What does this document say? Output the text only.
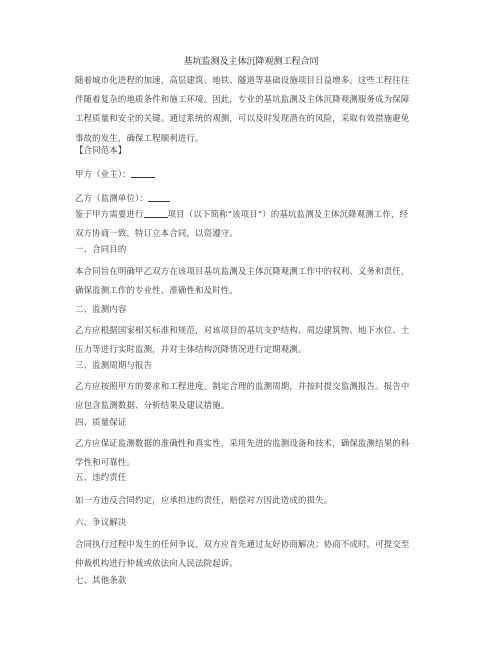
基坑监测及主体沉降观测工程合同
随着城市化进程的加速，高层建筑、地铁、隧道等基础设施项目日益增多。这些工程往往
伴随着复杂的地质条件和施工环境。因此，专业的基坑监测及主体沉降观测服务成为保障
工程质量和安全的关键。通过系统的观测，可以及时发现潜在的风险，采取有效措施避免
事故的发生，确保工程顺利进行。
【合同范本】
甲方（业主）：
乙方（监测单位）：
鉴于甲方需要进行	项目（以下简称“该项目”）的基坑监测及主体沉降观测工作，经
双方协商一致，特订立本合同，以资遵守。
一、合同目的
本合同旨在明确甲乙双方在该项目基坑监测及主体沉降观测工作中的权利、义务和责任，
确保监测工作的专业性、准确性和及时性。
二、监测内容
乙方应根据国家相关标准和规范，对该项目的基坑支护结构、周边建筑物、地下水位、土
压力等进行实时监测，并对主体结构沉降情况进行定期观测。
三、监测周期与报告
乙方应按照甲方的要求和工程进度，制定合理的监测周期，并按时提交监测报告。报告中
应包含监测数据、分析结果及建议措施。
四、质量保证
乙方应保证监测数据的准确性和真实性，采用先进的监测设备和技术，确保监测结果的科
学性和可靠性。
五、违约责任
如一方违反合同约定，应承担违约责任，赔偿对方因此造成的损失。
六、争议解决
合同执行过程中发生的任何争议，双方应首先通过友好协商解决；协商不成时，可提交至
仲裁机构进行仲裁或依法向人民法院起诉。
七、其他条款
